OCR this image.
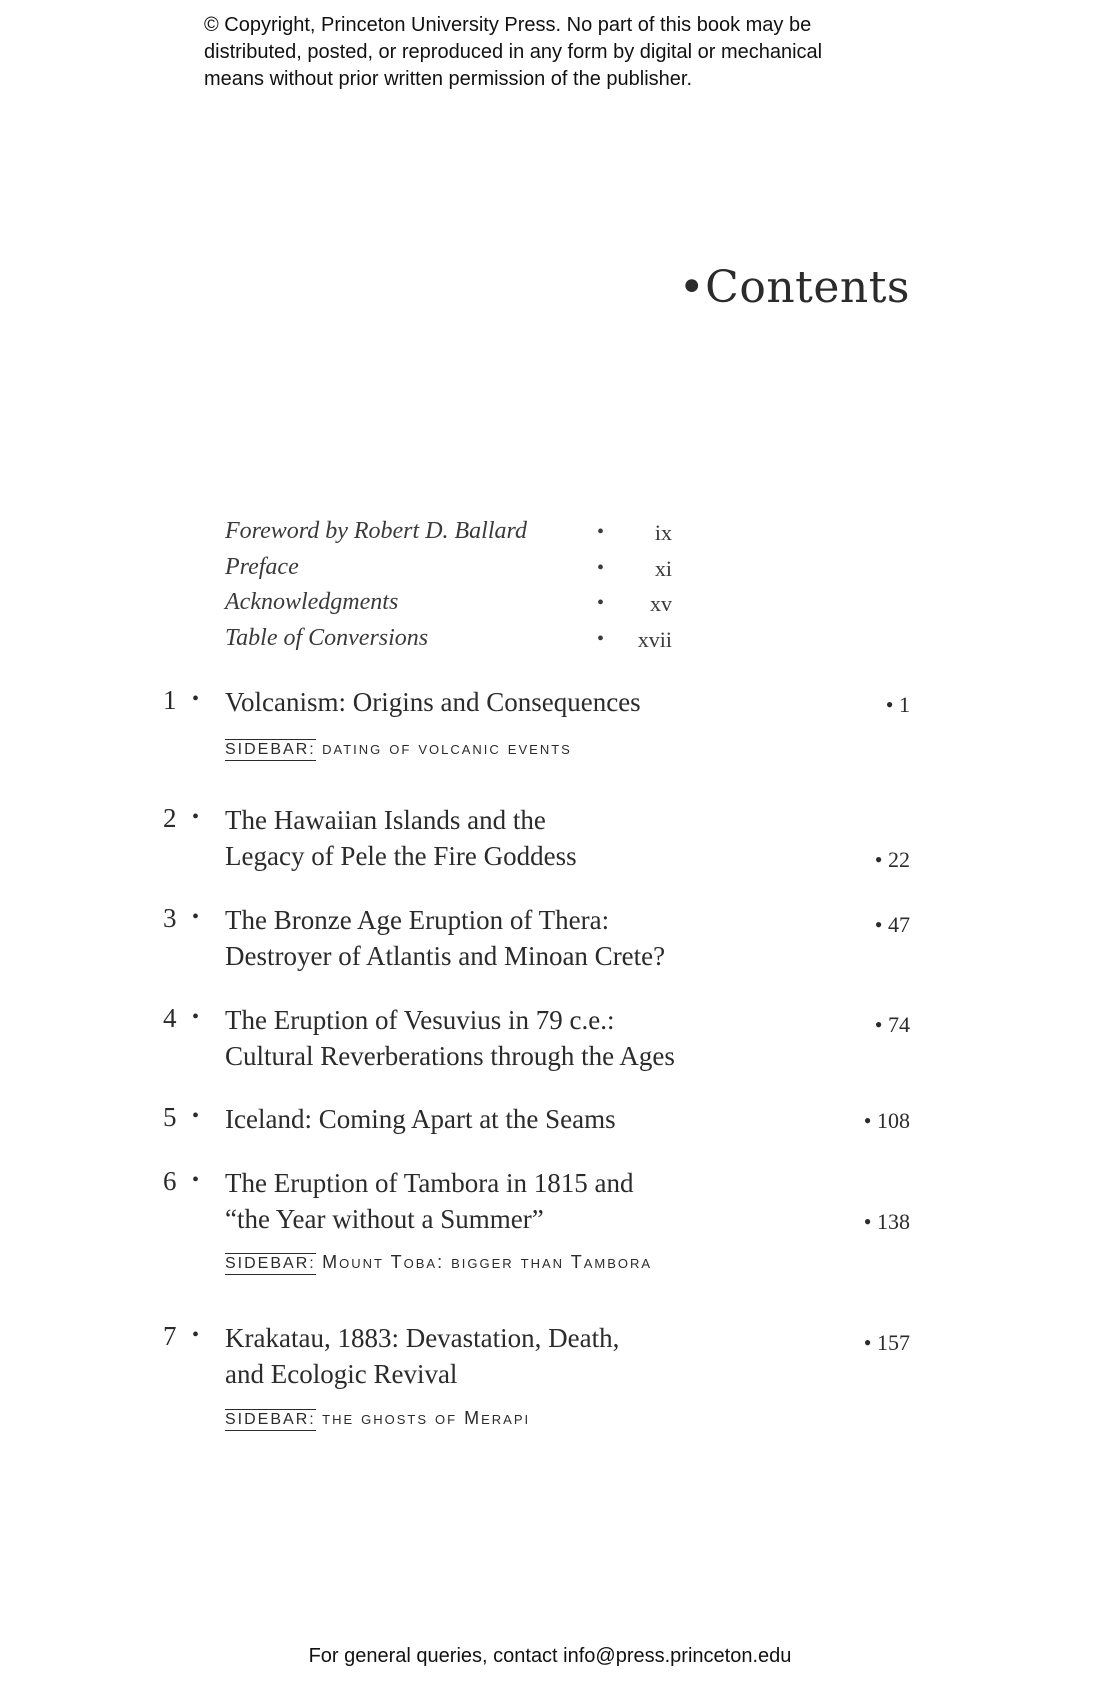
© Copyright, Princeton University Press. No part of this book may be
distributed, posted, or reproduced in any form by digital or mechanical
means without prior written permission of the publisher.
•Contents
Foreword by Robert D. Ballard	• ix
Preface	• xi
Acknowledgments	• xv
Table of Conversions	• xvii
1 • Volcanism: Origins and Consequences	• 1
SIDEBAR: dating of volcanic events
2 • The Hawaiian Islands and the
Legacy of Pele the Fire Goddess	• 22
3 • The Bronze Age Eruption of Thera:
Destroyer of Atlantis and Minoan Crete?
• 47
4 • The Eruption of Vesuvius in 79 c.e.:
Cultural Reverberations through the Ages
• 74
5 • Iceland: Coming Apart at the Seams	• 108
6 • The Eruption of Tambora in 1815 and
“the Year without a Summer”	• 138
SIDEBAR: Mount Toba: bigger than Tambora
7 • Krakatau, 1883: Devastation, Death,
and Ecologic Revival
• 157
SIDEBAR: the ghosts of Merapi
For general queries, contact info@press.princeton.edu
